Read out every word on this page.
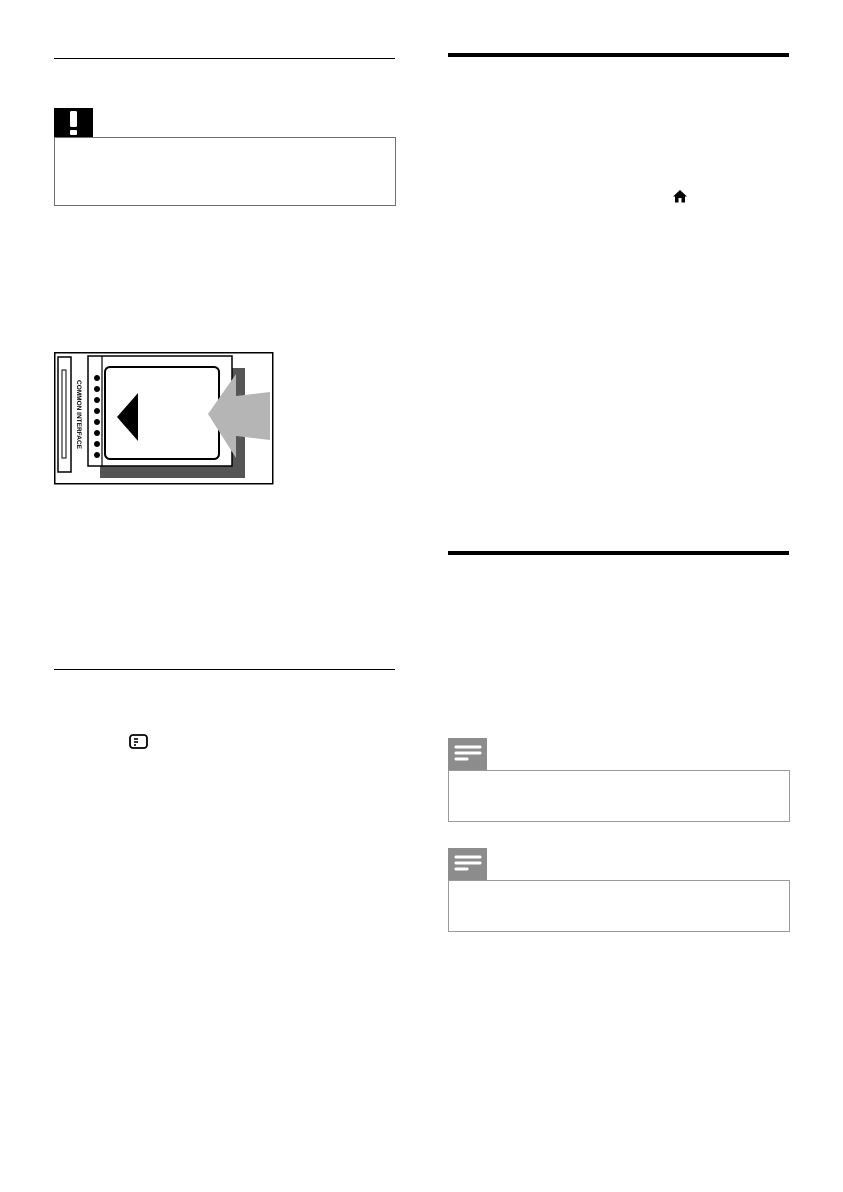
COMMON INTERFACE
